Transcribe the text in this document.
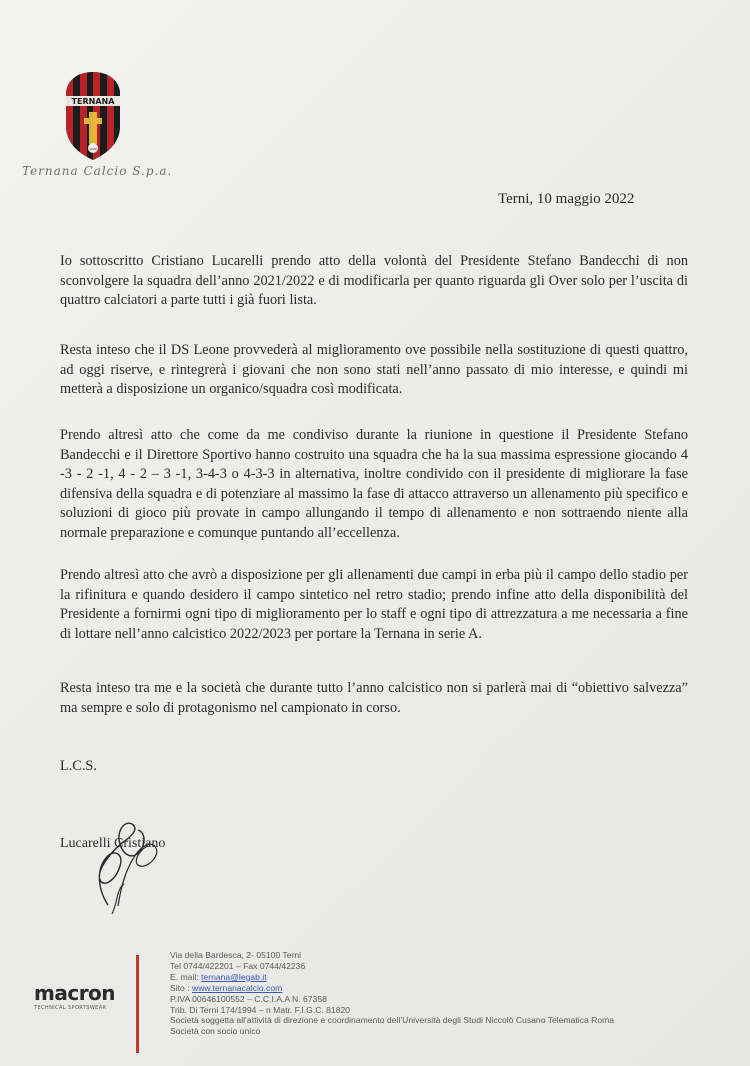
TERNANA
1925
Ternana Calcio S.p.a.
Terni, 10 maggio 2022

Io sottoscritto Cristiano Lucarelli prendo atto della volontà del Presidente Stefano Bandecchi di non sconvolgere la squadra dell’anno 2021/2022 e di modificarla per quanto riguarda gli Over solo per l’uscita di quattro calciatori a parte tutti i già fuori lista.

Resta inteso che il DS Leone provvederà al miglioramento ove possibile nella sostituzione di questi quattro, ad oggi riserve, e rintegrerà i giovani che non sono stati nell’anno passato di mio interesse, e quindi mi metterà a disposizione un organico/squadra così modificata.

Prendo altresì atto che come da me condiviso durante la riunione in questione il Presidente Stefano Bandecchi e il Direttore Sportivo hanno costruito una squadra che ha la sua massima espressione giocando 4 -3 - 2 -1, 4 - 2 – 3 -1, 3-4-3 o 4-3-3 in alternativa, inoltre condivido con il presidente di migliorare la fase difensiva della squadra e di potenziare al massimo la fase di attacco attraverso un allenamento più specifico e soluzioni di gioco più provate in campo allungando il tempo di allenamento e non sottraendo niente alla normale preparazione e comunque puntando all’eccellenza.

Prendo altresì atto che avrò a disposizione per gli allenamenti due campi in erba più il campo dello stadio per la rifinitura e quando desidero il campo sintetico nel retro stadio; prendo infine atto della disponibilità del Presidente a fornirmi ogni tipo di miglioramento per lo staff e ogni tipo di attrezzatura a me necessaria a fine di lottare nell’anno calcistico 2022/2023 per portare la Ternana in serie A.

Resta inteso tra me e la società che durante tutto l’anno calcistico non si parlerà mai di “obiettivo salvezza” ma sempre e solo di protagonismo nel campionato in corso.

L.C.S.
Lucarelli Cristiano
macron
TECHNICAL SPORTSWEAR
Via della Bardesca, 2- 05100 Terni
Tel 0744/422201 – Fax 0744/42236
E. mail: ternana@legab.it
Sito : www.ternanacalcio.com
P.IVA 00646100552 – C.C.I.A.A N. 67358
Trib. Di Terni 174/1994 – n Matr. F.I.G.C. 81820
Società soggetta all’attività di direzione e coordinamento dell’Università degli Studi Niccolò Cusano Telematica Roma
Società con socio unico
